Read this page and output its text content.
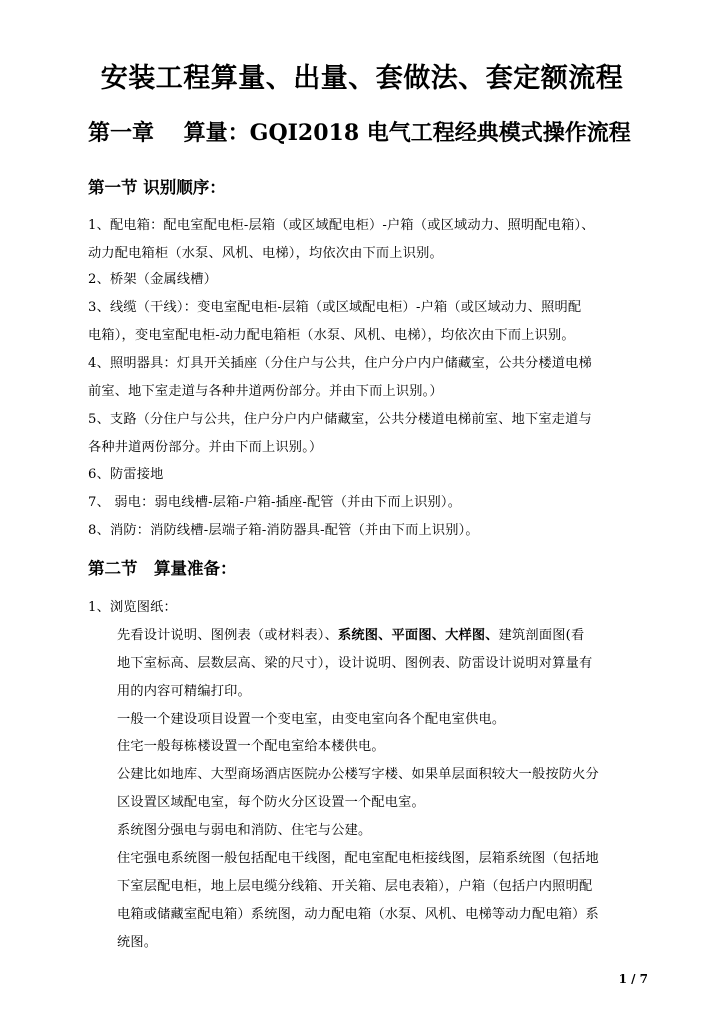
安装工程算量、出量、套做法、套定额流程
第一章　 算量：GQI2018 电气工程经典模式操作流程
第一节 识别顺序：
1、配电箱：配电室配电柜-层箱（或区域配电柜）-户箱（或区域动力、照明配电箱）、
动力配电箱柜（水泵、风机、电梯），均依次由下而上识别。
2、桥架（金属线槽）
3、线缆（干线）：变电室配电柜-层箱（或区域配电柜）-户箱（或区域动力、照明配
电箱），变电室配电柜-动力配电箱柜（水泵、风机、电梯），均依次由下而上识别。
4、照明器具：灯具开关插座（分住户与公共，住户分户内户储藏室，公共分楼道电梯
前室、地下室走道与各种井道两份部分。并由下而上识别。）
5、支路（分住户与公共，住户分户内户储藏室，公共分楼道电梯前室、地下室走道与
各种井道两份部分。并由下而上识别。）
6、防雷接地
7、 弱电：弱电线槽-层箱-户箱-插座-配管（并由下而上识别）。
8、消防：消防线槽-层端子箱-消防器具-配管（并由下而上识别）。
第二节　算量准备：
1、浏览图纸：
先看设计说明、图例表（或材料表）、系统图、平面图、大样图、建筑剖面图(看
地下室标高、层数层高、梁的尺寸），设计说明、图例表、防雷设计说明对算量有
用的内容可精编打印。
一般一个建设项目设置一个变电室，由变电室向各个配电室供电。
住宅一般每栋楼设置一个配电室给本楼供电。
公建比如地库、大型商场酒店医院办公楼写字楼、如果单层面积较大一般按防火分
区设置区域配电室，每个防火分区设置一个配电室。
系统图分强电与弱电和消防、住宅与公建。
住宅强电系统图一般包括配电干线图，配电室配电柜接线图，层箱系统图（包括地
下室层配电柜，地上层电缆分线箱、开关箱、层电表箱），户箱（包括户内照明配
电箱或储藏室配电箱）系统图，动力配电箱（水泵、风机、电梯等动力配电箱）系
统图。
1 / 7
